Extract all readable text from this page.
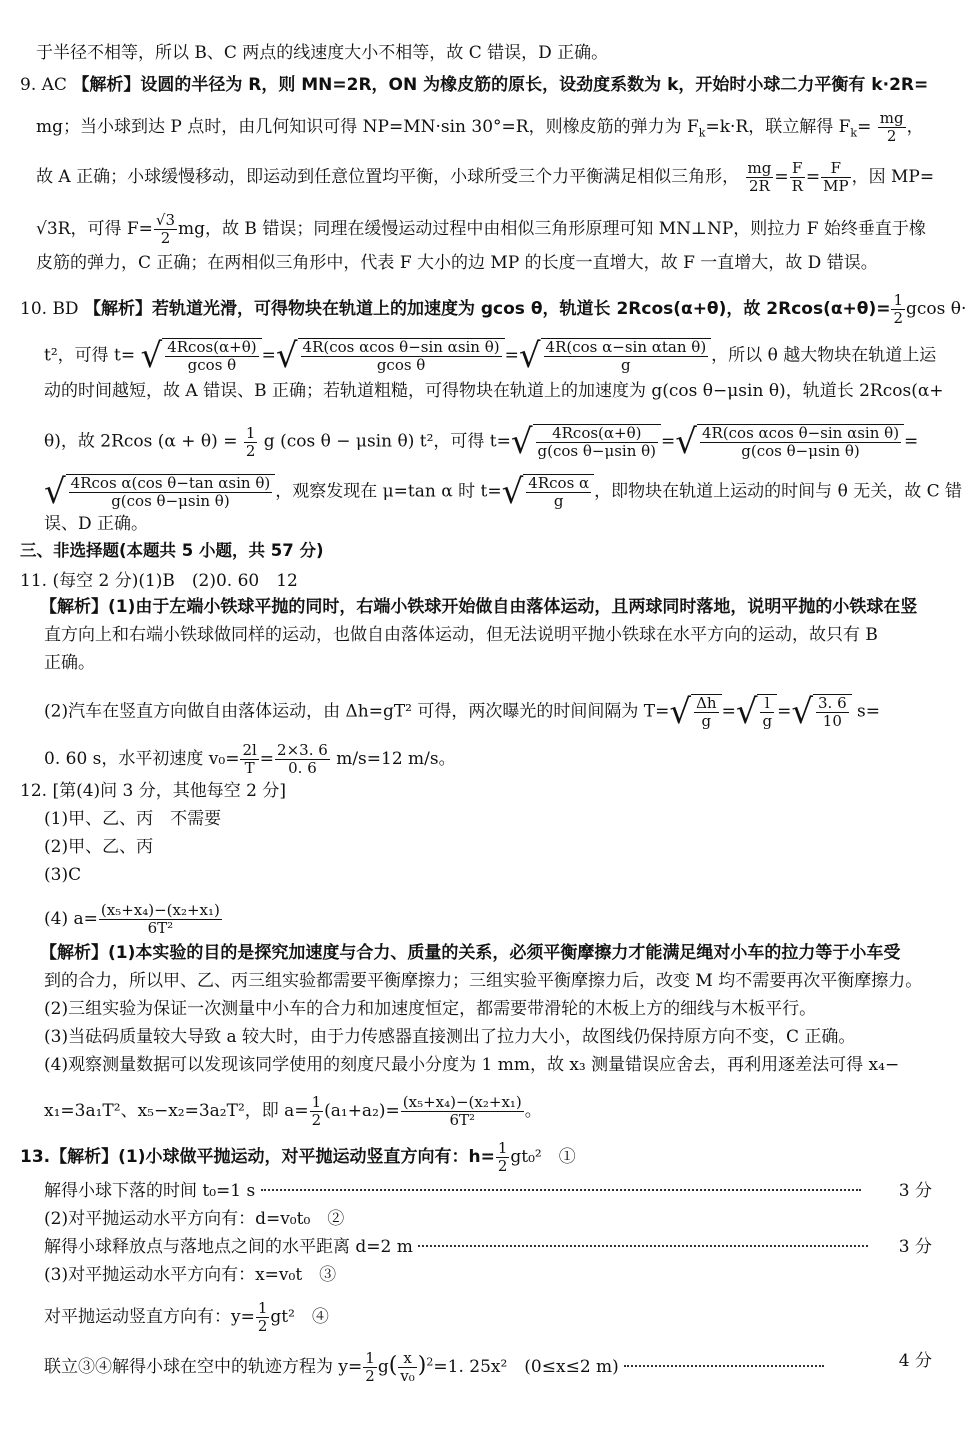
于半径不相等，所以 B、C 两点的线速度大小不相等，故 C 错误，D 正确。
9. AC 【解析】设圆的半径为 R，则 MN=2R，ON 为橡皮筋的原长，设劲度系数为 k，开始时小球二力平衡有 k·2R=
mg；当小球到达 P 点时，由几何知识可得 NP=MN·sin 30°=R，则橡皮筋的弹力为 $F_k=k\cdot R$，联立解得 $F_k= \frac{mg}{2}$ ，
故 A 正确；小球缓慢移动，即运动到任意位置均平衡，小球所受三个力平衡满足相似三角形， $\frac{mg}{2R} = \frac{F}{R} = \frac{F}{MP}$ ，因 MP=
√3R，可得 $F= \frac{√3}{2}$ mg，故 B 错误；同理在缓慢运动过程中由相似三角形原理可知 MN⊥NP，则拉力 F 始终垂直于橡
皮筋的弹力，C 正确；在两相似三角形中，代表 F 大小的边 MP 的长度一直增大，故 F 一直增大，故 D 错误。
10. BD 【解析】若轨道光滑，可得物块在轨道上的加速度为 gcos θ，轨道长 2Rcos(α+θ)，故 $2Rcos(\alpha+\theta)= \frac{1}{2}$ gcos θ·
t²，可得 t= √ $\frac{4Rcos(\alpha+\theta)}{\text{gcos θ}}$ =√ $\frac{\text{4R(cos αcos θ−sin αsin θ)}}{\text{gcos θ}}$ =√ $\frac{\text{4R(cos α−sin αtan θ)}}{g}$ ，所以 θ 越大物块在轨道上运
动的时间越短，故 A 错误、B 正确；若轨道粗糙，可得物块在轨道上的加速度为 g(cos θ−μsin θ)，轨道长 2Rcos(α+
θ)，故 2Rcos $(\alpha + \theta) = \frac{1}{2}$ g (cos θ − μsin θ) t²，可得 $t=√ \frac{4Rcos(\alpha+\theta)}{\text{g(cos θ−μsin θ)}}$ =√ $\frac{\text{4R(cos αcos θ−sin αsin θ)}}{\text{g(cos θ−μsin θ)}}$ =
√ $\frac{\text{4Rcos α(cos θ−tan αsin θ)}}{\text{g(cos θ−μsin θ)}}$ ，观察发现在 μ=tan α 时 $t=√ \frac{\text{4Rcos α}}{g}$ ，即物块在轨道上运动的时间与 θ 无关，故 C 错
误、D 正确。
三、非选择题(本题共 5 小题，共 57 分)
11. (每空 2 分)(1)B　(2)0. 60　12
【解析】(1)由于左端小铁球平抛的同时，右端小铁球开始做自由落体运动，且两球同时落地，说明平抛的小铁球在竖
直方向上和右端小铁球做同样的运动，也做自由落体运动，但无法说明平抛小铁球在水平方向的运动，故只有 B
正确。
(2)汽车在竖直方向做自由落体运动，由 Δh=gT² 可得，两次曝光的时间间隔为 $T=√ \frac{\Delta h}{g}$ =√ $\frac{l}{g}$ =√ $\frac{3. 6}{10} s=$
0. 60 s，水平初速度 $v_0= \frac{2l}{T} = \frac{2\times 3. 6}{0. 6} m/s=12$ m/s。
12. [第(4)问 3 分，其他每空 2 分]
(1)甲、乙、丙　不需要
(2)甲、乙、丙
(3)C
(4) $a= \frac{\text{(x₅+x₄)−(x₂+x₁)}}{\text{6T²}}$
【解析】(1)本实验的目的是探究加速度与合力、质量的关系，必须平衡摩擦力才能满足绳对小车的拉力等于小车受
到的合力，所以甲、乙、丙三组实验都需要平衡摩擦力；三组实验平衡摩擦力后，改变 M 均不需要再次平衡摩擦力。
(2)三组实验为保证一次测量中小车的合力和加速度恒定，都需要带滑轮的木板上方的细线与木板平行。
(3)当砝码质量较大导致 a 较大时，由于力传感器直接测出了拉力大小，故图线仍保持原方向不变，C 正确。
(4)观察测量数据可以发现该同学使用的刻度尺最小分度为 1 mm，故 x₃ 测量错误应舍去，再利用逐差法可得 x₄−
x₁=3a₁T²、x₅−x₂=3a₂T²，即 $a= \frac{1}{2} (a_1+a_2)= \frac{\text{(x₅+x₄)−(x₂+x₁)}}{\text{6T²}}$ 。
13.【解析】(1)小球做平抛运动，对平抛运动竖直方向有：$h= \frac{1}{2} gt_0^2$　①
解得小球下落的时间 t₀=1 s	3 分
(2)对平抛运动水平方向有：d=v₀t₀　②
解得小球释放点与落地点之间的水平距离 d=2 m	3 分
(3)对平抛运动水平方向有：x=v₀t　③
对平抛运动竖直方向有：$y= \frac{1}{2} gt^2$　④
联立③④解得小球在空中的轨迹方程为 $y= \frac{1}{2} g( \frac{x}{\text{v₀}} )^2=1$. 25x²　(0≤x≤2 m)	4 分
